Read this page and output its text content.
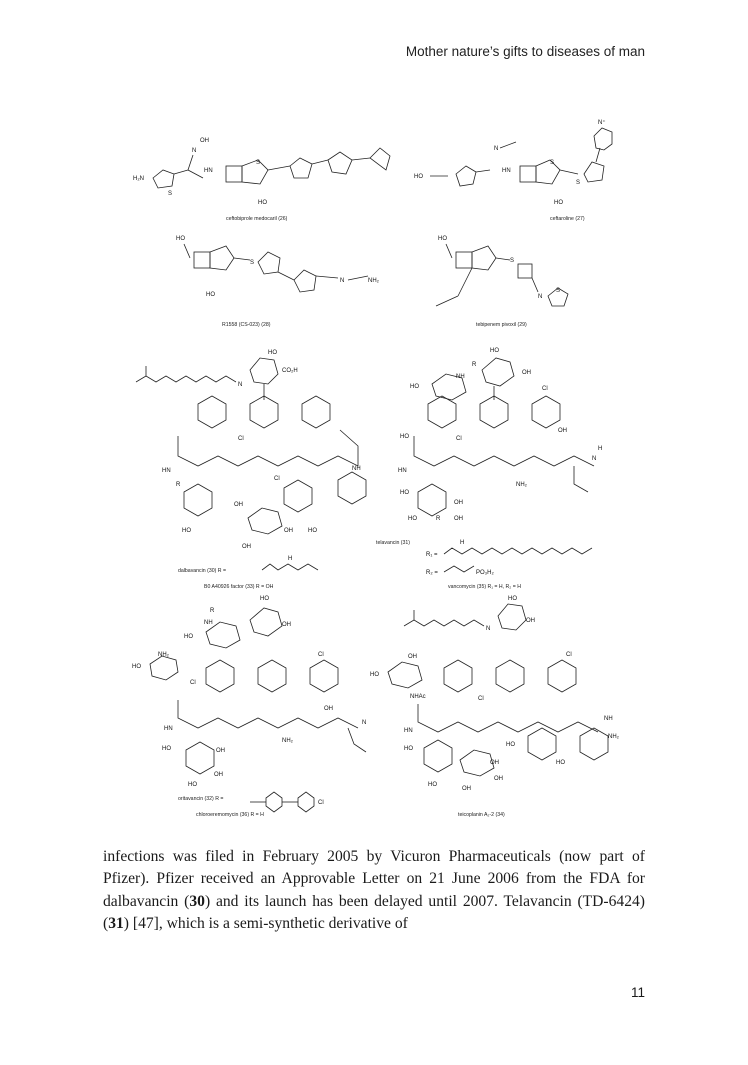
Mother nature’s gifts to diseases of man
H₂N
S
N
OH
HN
S
HO
ceftobiprole medocaril (26)
HO
N
HN
S
S
N⁺
HO
ceftaroline (27)
HO
S
N	NH₂
HO
R1558 (CS-023) (28)
HO
S
N
S
tebipenem pivoxil (29)
N
HO
CO₂H
Cl
NH
HN
R
Cl
HO
OH
OH	HO
OH
dalbavancin (30) R =
H
B0 A40926 factor (33) R = OH
R
NH
HO
HO
OH
Cl
Cl
HO
OH
H
N
HN
HO
NH₂
HO
OH
OH
R
telavancin (31)
R₁ =
H
R₂ =	PO₃H₂
vancomycin (35) R₁ = H, R₂ = H
R
NH
HO
HO
OH
NH₂
HO
Cl
Cl
OH
N
HN
HO	OH
HO
OH
NH₂
oritavancin (32) R =
Cl
chloroeremomycin (36) R = H
N
HO
OH
OH
HO
NHAc
Cl
Cl
NH
HN
HO
NH₂
HO
HO
OH
OH
HO
OH
teicoplanin A₂-2 (34)

infections was filed in February 2005 by Vicuron Pharmaceuticals (now part of Pfizer). Pfizer received an Approvable Letter on 21 June 2006 from the FDA for dalbavancin (30) and its launch has been delayed until 2007. Telavancin (TD-6424) (31) [47], which is a semi-synthetic derivative of

11
